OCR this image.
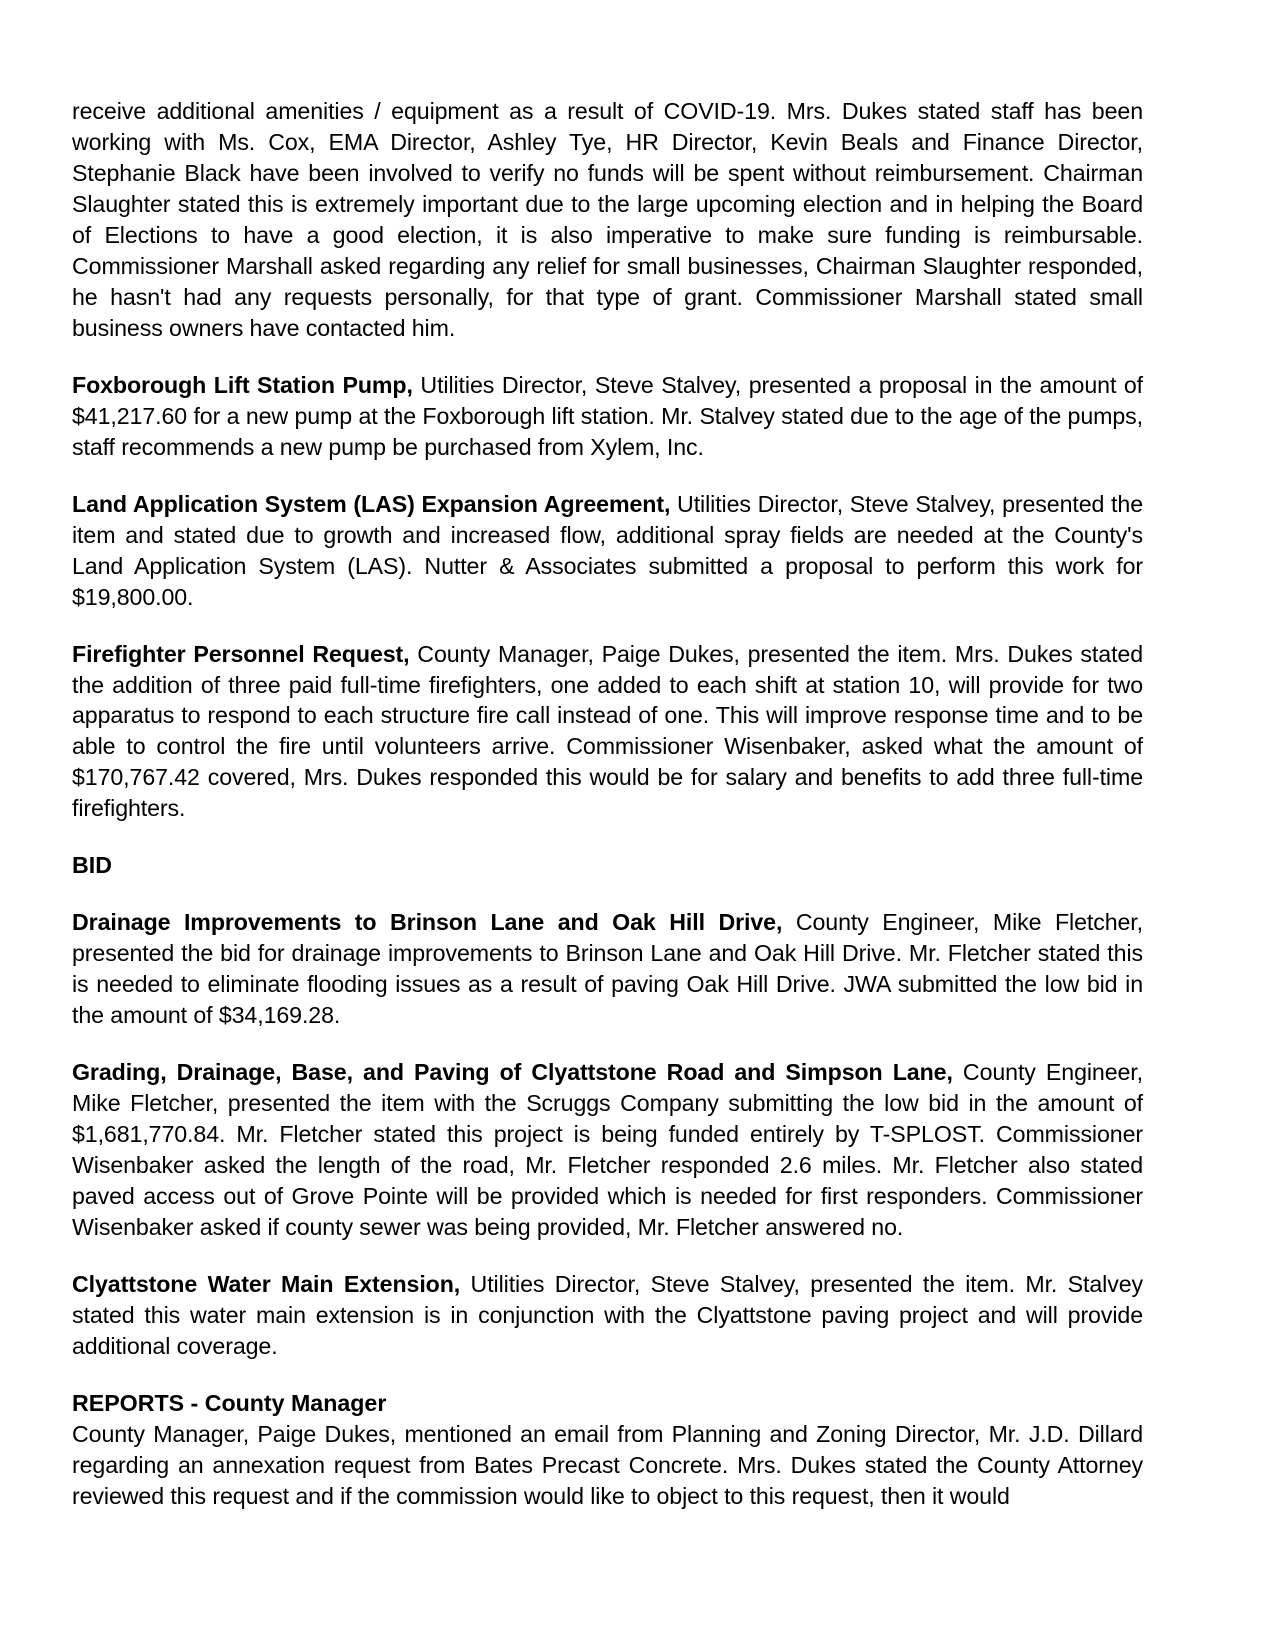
receive additional amenities / equipment as a result of COVID-19. Mrs. Dukes stated staff has been working with Ms. Cox, EMA Director, Ashley Tye, HR Director, Kevin Beals and Finance Director, Stephanie Black have been involved to verify no funds will be spent without reimbursement. Chairman Slaughter stated this is extremely important due to the large upcoming election and in helping the Board of Elections to have a good election, it is also imperative to make sure funding is reimbursable. Commissioner Marshall asked regarding any relief for small businesses, Chairman Slaughter responded, he hasn't had any requests personally, for that type of grant. Commissioner Marshall stated small business owners have contacted him.

Foxborough Lift Station Pump, Utilities Director, Steve Stalvey, presented a proposal in the amount of $41,217.60 for a new pump at the Foxborough lift station. Mr. Stalvey stated due to the age of the pumps, staff recommends a new pump be purchased from Xylem, Inc.

Land Application System (LAS) Expansion Agreement, Utilities Director, Steve Stalvey, presented the item and stated due to growth and increased flow, additional spray fields are needed at the County's Land Application System (LAS). Nutter & Associates submitted a proposal to perform this work for $19,800.00.

Firefighter Personnel Request, County Manager, Paige Dukes, presented the item. Mrs. Dukes stated the addition of three paid full-time firefighters, one added to each shift at station 10, will provide for two apparatus to respond to each structure fire call instead of one. This will improve response time and to be able to control the fire until volunteers arrive. Commissioner Wisenbaker, asked what the amount of $170,767.42 covered, Mrs. Dukes responded this would be for salary and benefits to add three full-time firefighters.

BID

Drainage Improvements to Brinson Lane and Oak Hill Drive, County Engineer, Mike Fletcher, presented the bid for drainage improvements to Brinson Lane and Oak Hill Drive. Mr. Fletcher stated this is needed to eliminate flooding issues as a result of paving Oak Hill Drive. JWA submitted the low bid in the amount of $34,169.28.

Grading, Drainage, Base, and Paving of Clyattstone Road and Simpson Lane, County Engineer, Mike Fletcher, presented the item with the Scruggs Company submitting the low bid in the amount of $1,681,770.84. Mr. Fletcher stated this project is being funded entirely by T-SPLOST. Commissioner Wisenbaker asked the length of the road, Mr. Fletcher responded 2.6 miles. Mr. Fletcher also stated paved access out of Grove Pointe will be provided which is needed for first responders. Commissioner Wisenbaker asked if county sewer was being provided, Mr. Fletcher answered no.

Clyattstone Water Main Extension, Utilities Director, Steve Stalvey, presented the item. Mr. Stalvey stated this water main extension is in conjunction with the Clyattstone paving project and will provide additional coverage.

REPORTS - County Manager

County Manager, Paige Dukes, mentioned an email from Planning and Zoning Director, Mr. J.D. Dillard regarding an annexation request from Bates Precast Concrete. Mrs. Dukes stated the County Attorney reviewed this request and if the commission would like to object to this request, then it would
